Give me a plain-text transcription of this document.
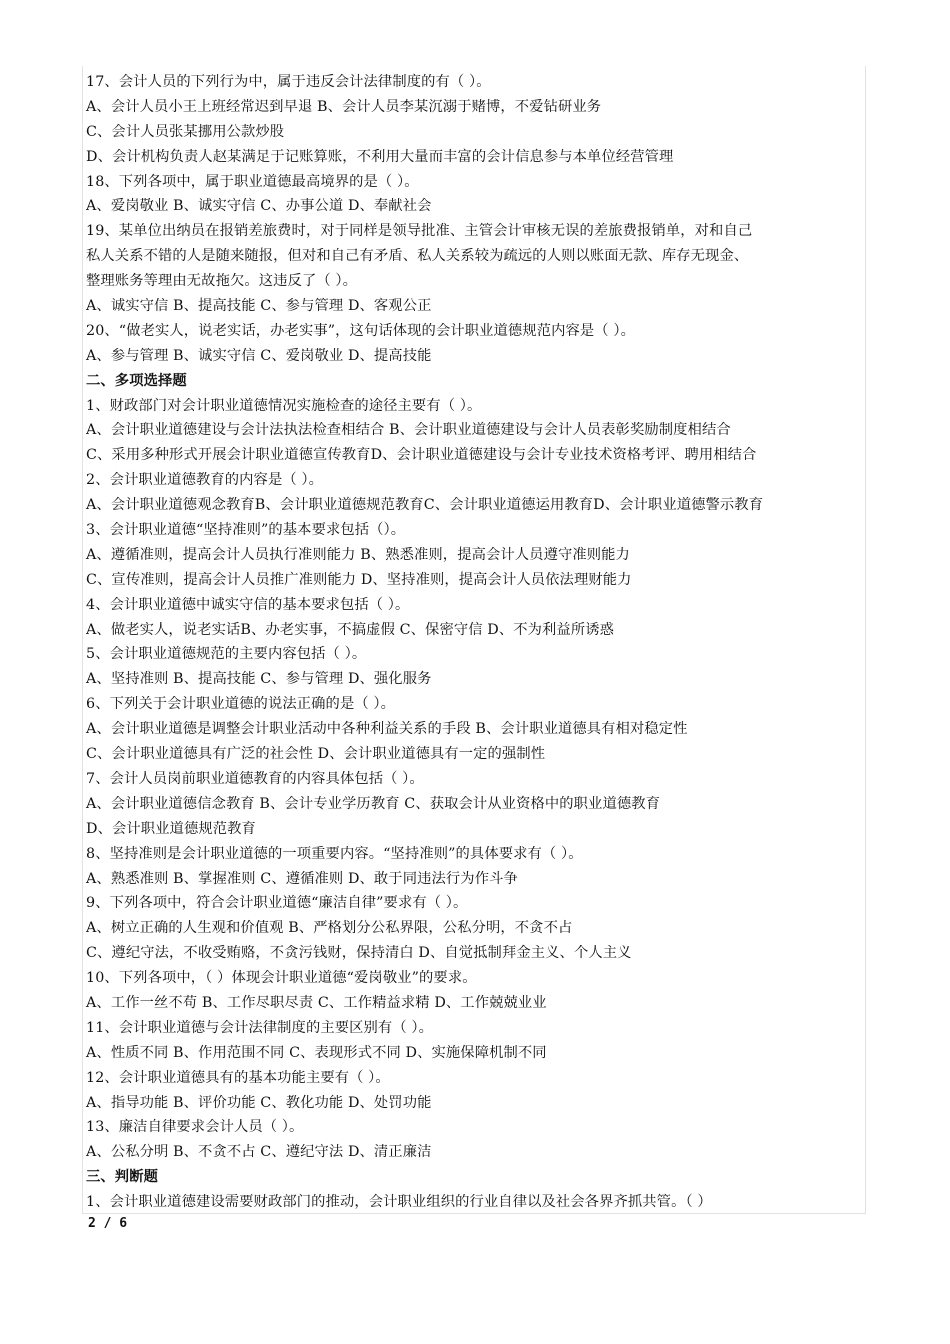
17、会计人员的下列行为中，属于违反会计法律制度的有（ ）。
A、会计人员小王上班经常迟到早退 B、会计人员李某沉溺于赌博，不爱钻研业务
C、会计人员张某挪用公款炒股
D、会计机构负责人赵某满足于记账算账，不利用大量而丰富的会计信息参与本单位经营管理
18、下列各项中，属于职业道德最高境界的是（ ）。
A、爱岗敬业 B、诚实守信 C、办事公道 D、奉献社会
19、某单位出纳员在报销差旅费时，对于同样是领导批准、主管会计审核无误的差旅费报销单，对和自己
私人关系不错的人是随来随报，但对和自己有矛盾、私人关系较为疏远的人则以账面无款、库存无现金、
整理账务等理由无故拖欠。这违反了（ ）。
A、诚实守信 B、提高技能 C、参与管理 D、客观公正
20、“做老实人，说老实话，办老实事”，这句话体现的会计职业道德规范内容是（ ）。
A、参与管理 B、诚实守信 C、爱岗敬业 D、提高技能
二、多项选择题
1、财政部门对会计职业道德情况实施检查的途径主要有（ ）。
A、会计职业道德建设与会计法执法检查相结合 B、会计职业道德建设与会计人员表彰奖励制度相结合
C、采用多种形式开展会计职业道德宣传教育D、会计职业道德建设与会计专业技术资格考评、聘用相结合
2、会计职业道德教育的内容是（ ）。
A、会计职业道德观念教育B、会计职业道德规范教育C、会计职业道德运用教育D、会计职业道德警示教育
3、会计职业道德“坚持准则”的基本要求包括（）。
A、遵循准则，提高会计人员执行准则能力 B、熟悉准则，提高会计人员遵守准则能力
C、宣传准则，提高会计人员推广准则能力 D、坚持准则，提高会计人员依法理财能力
4、会计职业道德中诚实守信的基本要求包括（ ）。
A、做老实人，说老实话B、办老实事，不搞虚假 C、保密守信 D、不为利益所诱惑
5、会计职业道德规范的主要内容包括（ ）。
A、坚持准则 B、提高技能 C、参与管理 D、强化服务
6、下列关于会计职业道德的说法正确的是（ ）。
A、会计职业道德是调整会计职业活动中各种利益关系的手段 B、会计职业道德具有相对稳定性
C、会计职业道德具有广泛的社会性 D、会计职业道德具有一定的强制性
7、会计人员岗前职业道德教育的内容具体包括（ ）。
A、会计职业道德信念教育 B、会计专业学历教育 C、获取会计从业资格中的职业道德教育
D、会计职业道德规范教育
8、坚持准则是会计职业道德的一项重要内容。“坚持准则”的具体要求有（ ）。
A、熟悉准则 B、掌握准则 C、遵循准则 D、敢于同违法行为作斗争
9、下列各项中，符合会计职业道德“廉洁自律”要求有（ ）。
A、树立正确的人生观和价值观 B、严格划分公私界限，公私分明，不贪不占
C、遵纪守法，不收受贿赂，不贪污钱财，保持清白 D、自觉抵制拜金主义、个人主义
10、下列各项中，（ ）体现会计职业道德“爱岗敬业”的要求。
A、工作一丝不苟 B、工作尽职尽责 C、工作精益求精 D、工作兢兢业业
11、会计职业道德与会计法律制度的主要区别有（ ）。
A、性质不同 B、作用范围不同 C、表现形式不同 D、实施保障机制不同
12、会计职业道德具有的基本功能主要有（ ）。
A、指导功能 B、评价功能 C、教化功能 D、处罚功能
13、廉洁自律要求会计人员（ ）。
A、公私分明 B、不贪不占 C、遵纪守法 D、清正廉洁
三、判断题
1、会计职业道德建设需要财政部门的推动，会计职业组织的行业自律以及社会各界齐抓共管。（ ）
2 / 6
